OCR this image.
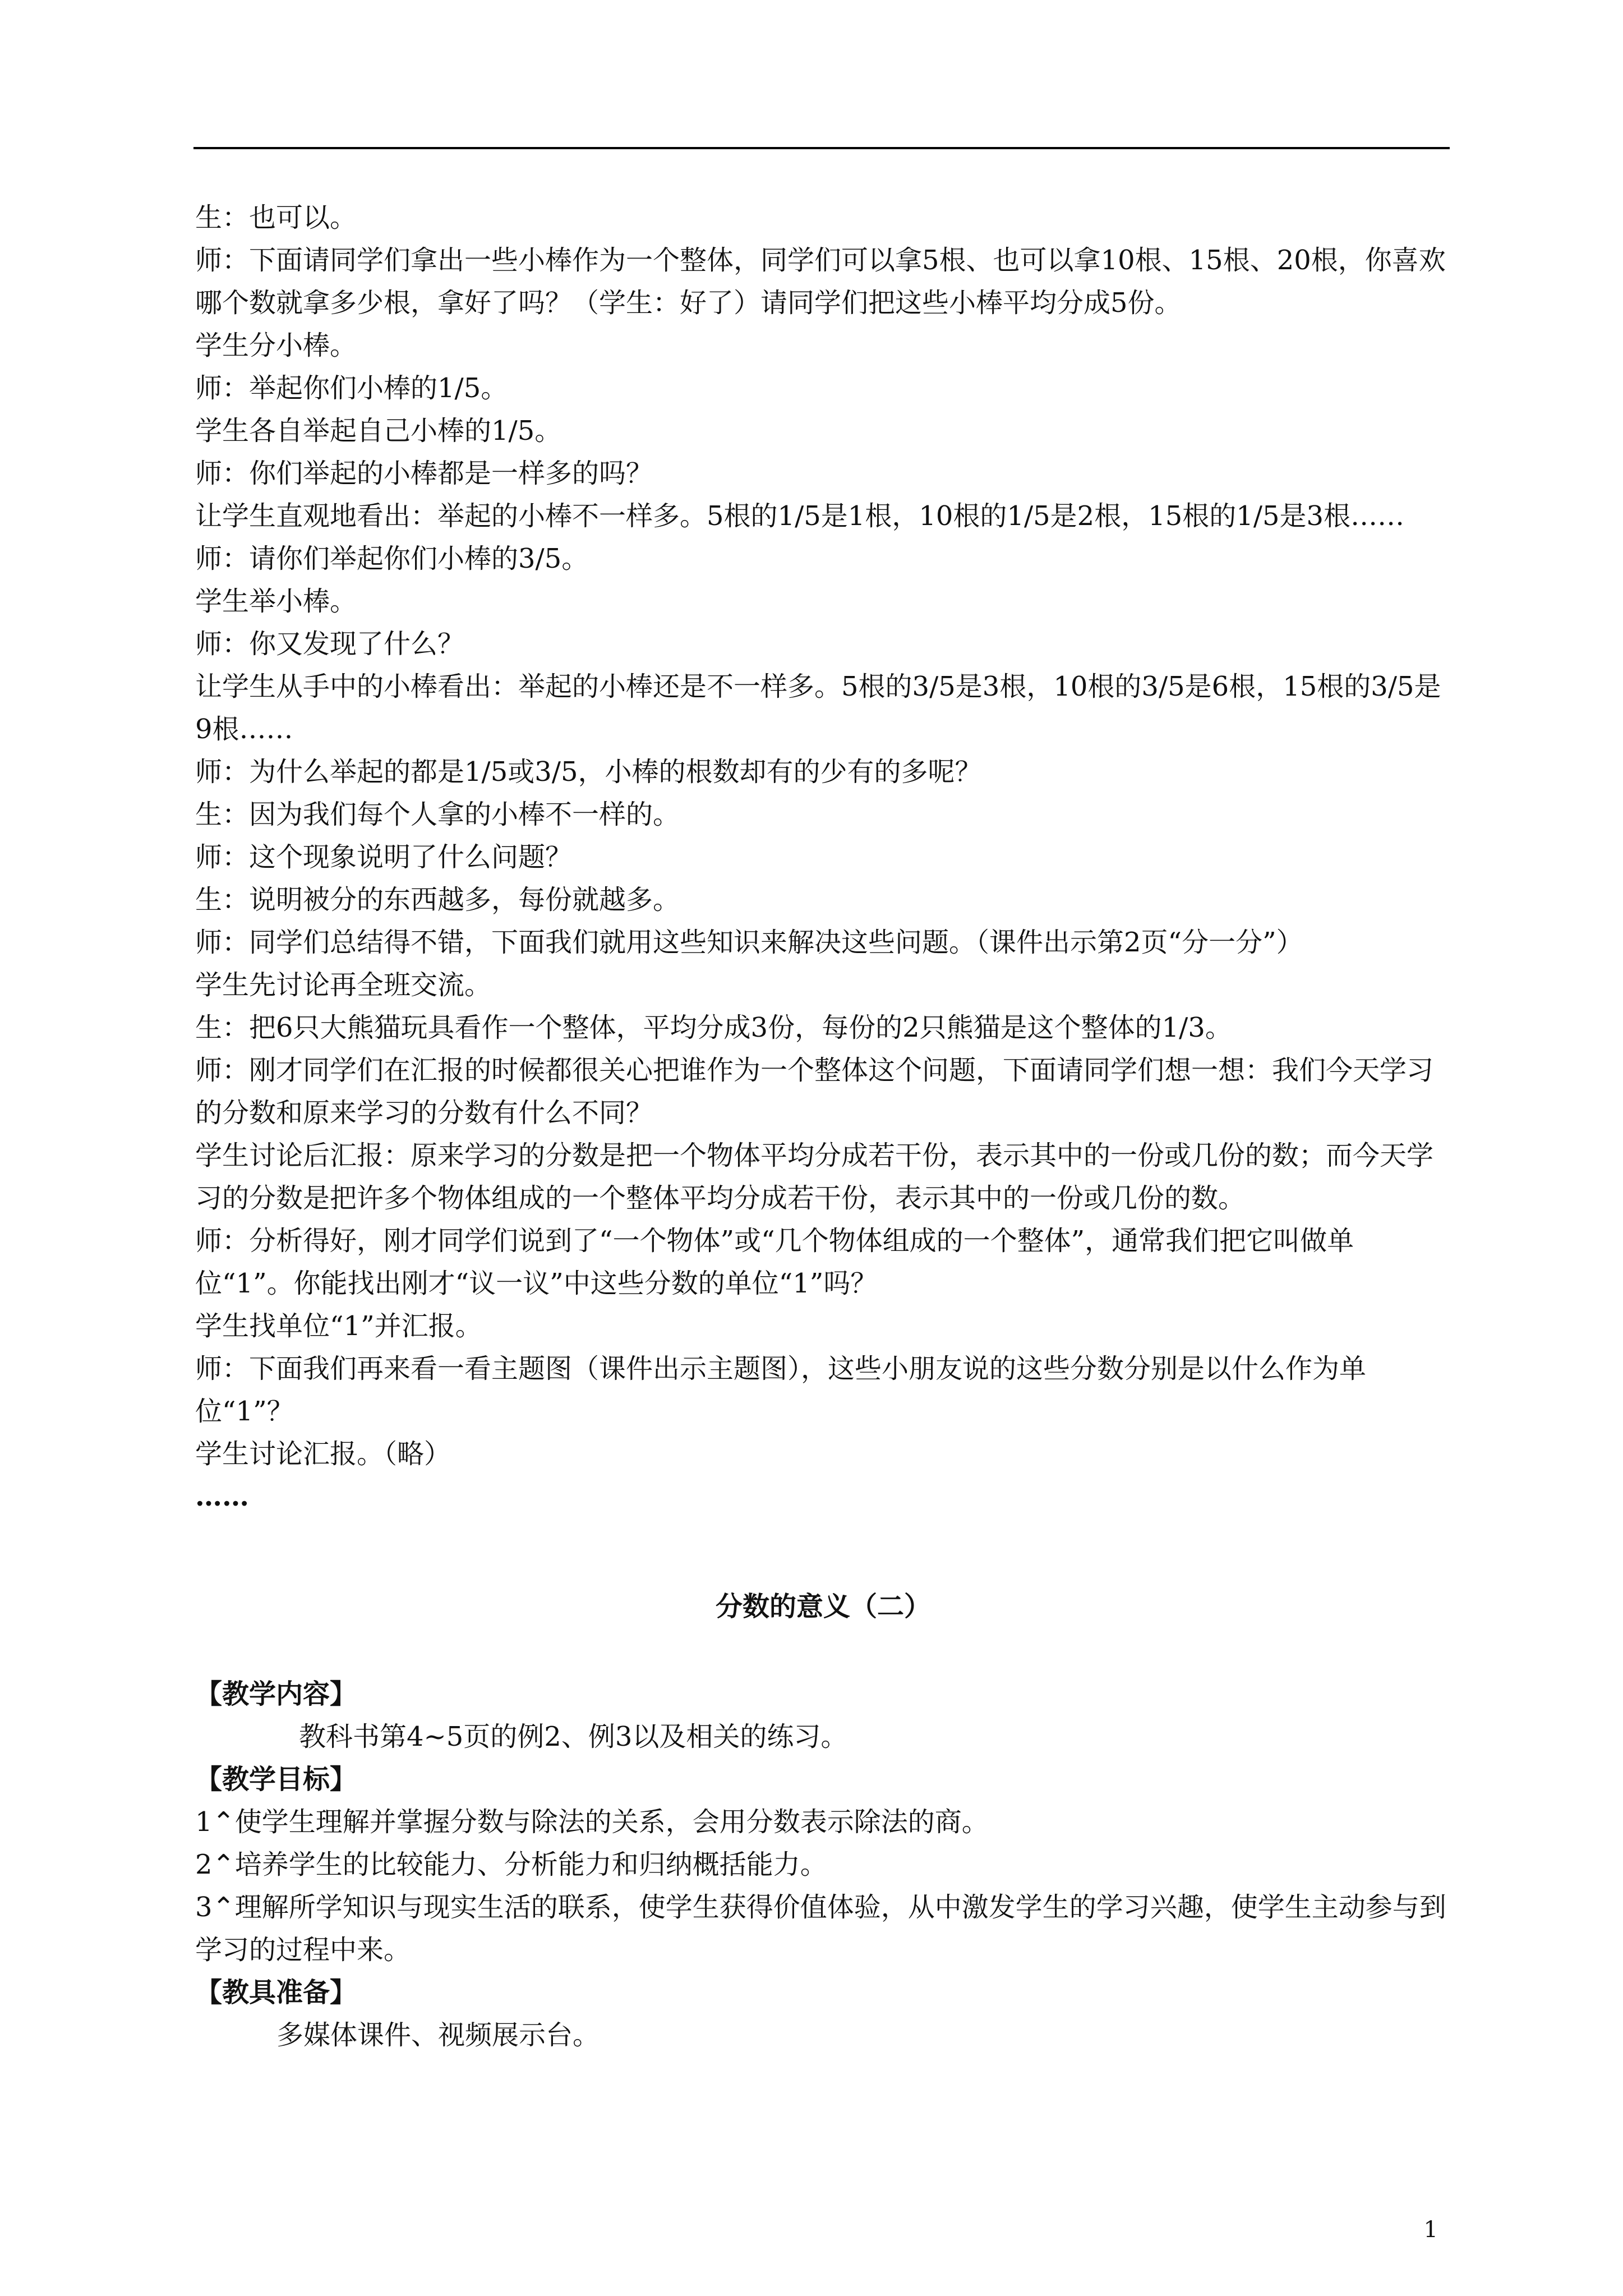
生：也可以。

师：下面请同学们拿出一些小棒作为一个整体，同学们可以拿5根、也可以拿10根、15根、20根，你喜欢哪个数就拿多少根，拿好了吗？（学生：好了）请同学们把这些小棒平均分成5份。

学生分小棒。

师：举起你们小棒的1/5。

学生各自举起自己小棒的1/5。

师：你们举起的小棒都是一样多的吗？

让学生直观地看出：举起的小棒不一样多。5根的1/5是1根，10根的1/5是2根，15根的1/5是3根……

师：请你们举起你们小棒的3/5。

学生举小棒。

师：你又发现了什么？

让学生从手中的小棒看出：举起的小棒还是不一样多。5根的3/5是3根，10根的3/5是6根，15根的3/5是9根……

师：为什么举起的都是1/5或3/5，小棒的根数却有的少有的多呢？

生：因为我们每个人拿的小棒不一样的。

师：这个现象说明了什么问题？

生：说明被分的东西越多，每份就越多。

师：同学们总结得不错，下面我们就用这些知识来解决这些问题。（课件出示第2页“分一分”）

学生先讨论再全班交流。

生：把6只大熊猫玩具看作一个整体，平均分成3份，每份的2只熊猫是这个整体的1/3。

师：刚才同学们在汇报的时候都很关心把谁作为一个整体这个问题，下面请同学们想一想：我们今天学习的分数和原来学习的分数有什么不同？

学生讨论后汇报：原来学习的分数是把一个物体平均分成若干份，表示其中的一份或几份的数；而今天学习的分数是把许多个物体组成的一个整体平均分成若干份，表示其中的一份或几份的数。

师：分析得好，刚才同学们说到了“一个物体”或“几个物体组成的一个整体”，通常我们把它叫做单位“1”。你能找出刚才“议一议”中这些分数的单位“1”吗？

学生找单位“1”并汇报。

师：下面我们再来看一看主题图（课件出示主题图），这些小朋友说的这些分数分别是以什么作为单位“1”？

学生讨论汇报。（略）

……

分数的意义（二）

【教学内容】

教科书第4~5页的例2、例3以及相关的练习。

【教学目标】

1⌃使学生理解并掌握分数与除法的关系，会用分数表示除法的商。

2⌃培养学生的比较能力、分析能力和归纳概括能力。

3⌃理解所学知识与现实生活的联系，使学生获得价值体验，从中激发学生的学习兴趣，使学生主动参与到学习的过程中来。

【教具准备】

多媒体课件、视频展示台。

1
